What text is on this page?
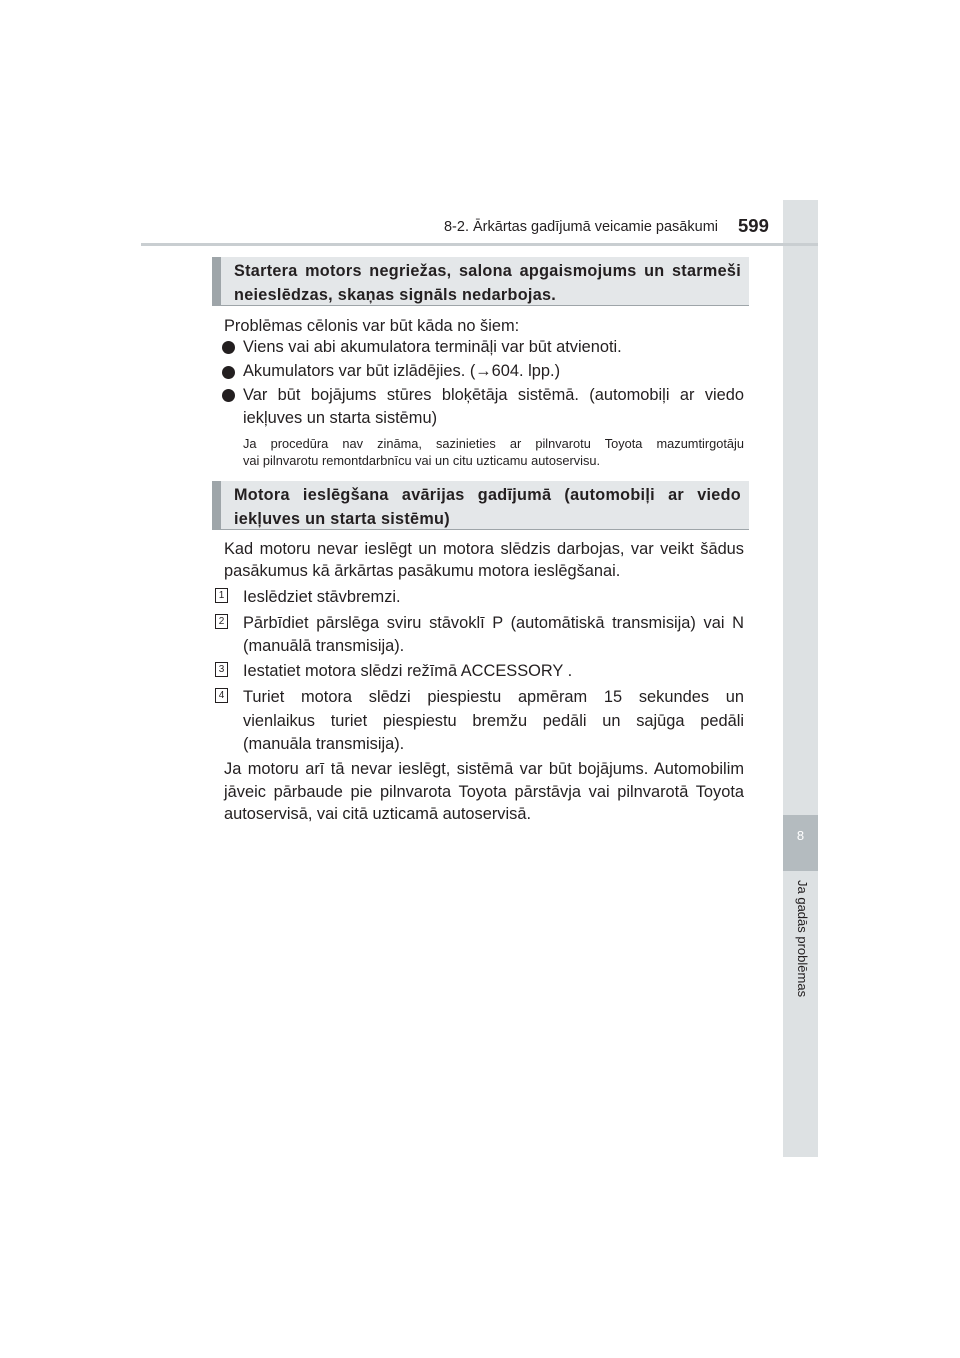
8
Ja gadās problēmas
8-2. Ārkārtas gadījumā veicamie pasākumi 599
Startera motors negriežas, salona apgaismojums un starmeši
neieslēdzas, skaņas signāls nedarbojas.
Problēmas cēlonis var būt kāda no šiem:
Viens vai abi akumulatora termināļi var būt atvienoti.
Akumulators var būt izlādējies. (→604. lpp.)
Var būt bojājums stūres bloķētāja sistēmā. (automobiļi ar viedo
iekļuves un starta sistēmu)
Ja procedūra nav zināma, sazinieties ar pilnvarotu Toyota mazumtirgotāju
vai pilnvarotu remontdarbnīcu vai un citu uzticamu autoservisu.
Motora ieslēgšana avārijas gadījumā (automobiļi ar viedo
iekļuves un starta sistēmu)
Kad motoru nevar ieslēgt un motora slēdzis darbojas, var veikt šādus
pasākumus kā ārkārtas pasākumu motora ieslēgšanai.
1 Ieslēdziet stāvbremzi.
2 Pārbīdiet pārslēga sviru stāvoklī P (automātiskā transmisija) vai N
(manuālā transmisija).
3 Iestatiet motora slēdzi režīmā ACCESSORY .
4 Turiet motora slēdzi piespiestu apmēram 15 sekundes un
vienlaikus turiet piespiestu bremžu pedāli un sajūga pedāli
(manuāla transmisija).
Ja motoru arī tā nevar ieslēgt, sistēmā var būt bojājums. Automobilim
jāveic pārbaude pie pilnvarota Toyota pārstāvja vai pilnvarotā Toyota
autoservisā, vai citā uzticamā autoservisā.
